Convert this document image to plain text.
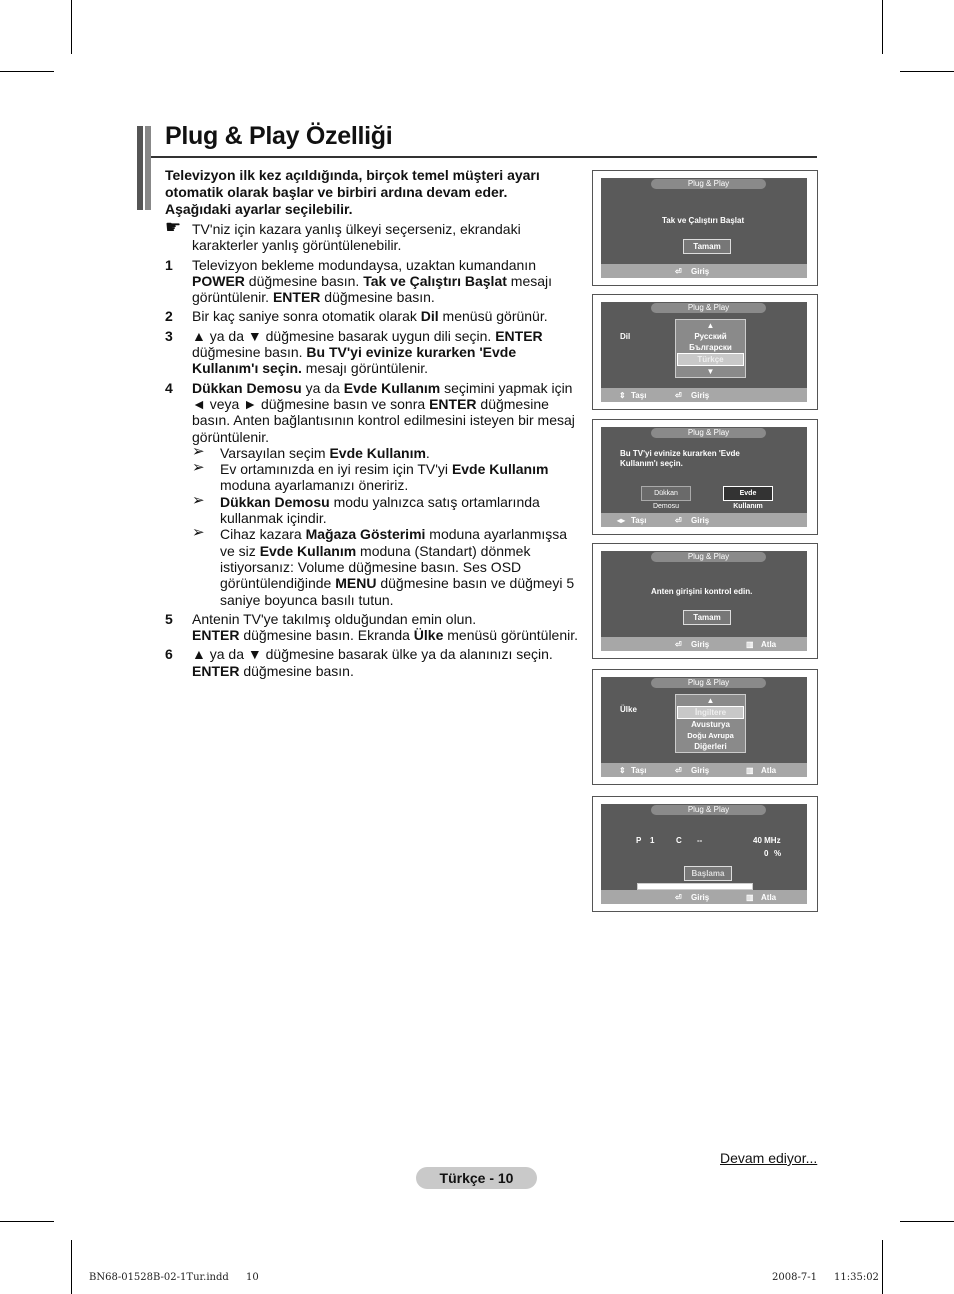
Plug & Play Özelliği
Televizyon ilk kez açıldığında, birçok temel müşteri ayarı otomatik olarak başlar ve birbiri ardına devam eder. Aşağıdaki ayarlar seçilebilir.
☛ TV'niz için kazara yanlış ülkeyi seçerseniz, ekrandaki karakterler yanlış görüntülenebilir.
1 Televizyon bekleme modundaysa, uzaktan kumandanın POWER düğmesine basın. Tak ve Çalıştırı Başlat mesajı görüntülenir. ENTER düğmesine basın.
2 Bir kaç saniye sonra otomatik olarak Dil menüsü görünür.
3 ▲ ya da ▼ düğmesine basarak uygun dili seçin. ENTER düğmesine basın. Bu TV'yi evinize kurarken 'Evde Kullanım'ı seçin. mesajı görüntülenir.
4 Dükkan Demosu ya da Evde Kullanım seçimini yapmak için ◄ veya ► düğmesine basın ve sonra ENTER düğmesine basın. Anten bağlantısının kontrol edilmesini isteyen bir mesaj görüntülenir.
➢ Varsayılan seçim Evde Kullanım.
➢ Ev ortamınızda en iyi resim için TV'yi Evde Kullanım moduna ayarlamanızı öneririz.
➢ Dükkan Demosu modu yalnızca satış ortamlarında kullanmak içindir.
➢ Cihaz kazara Mağaza Gösterimi moduna ayarlanmışsa ve siz Evde Kullanım moduna (Standart) dönmek istiyorsanız: Volume düğmesine basın. Ses OSD görüntülendiğinde MENU düğmesine basın ve düğmeyi 5 saniye boyunca basılı tutun.
5 Antenin TV'ye takılmış olduğundan emin olun.
ENTER düğmesine basın. Ekranda Ülke menüsü görüntülenir.
6 ▲ ya da ▼ düğmesine basarak ülke ya da alanınızı seçin.
ENTER düğmesine basın.
Plug & Play
Tak ve Çalıştırı Başlat
Tamam
⏎ Giriş
Plug & Play
Dil
▲
Русский
Български
Türkçe
▼
⇕ Taşı	⏎ Giriş
Plug & Play
Bu TV'yi evinize kurarken 'Evde
Kullanım'ı seçin.
Dükkan Demosu
Evde Kullanım
◂▸ Taşı	⏎ Giriş
Plug & Play
Anten girişini kontrol edin.
Tamam
⏎ Giriş	▥ Atla
Plug & Play
Ülke
▲
İngiltere
Avusturya
Doğu Avrupa
Diğerleri
⇕ Taşı	⏎ Giriş	▥ Atla
Plug & Play
P 1	C --	40 MHz
0 %
Başlama
⏎ Giriş	▥ Atla
Devam ediyor...
Türkçe - 10
BN68-01528B-02-1Tur.indd 10	2008-7-1 11:35:02
